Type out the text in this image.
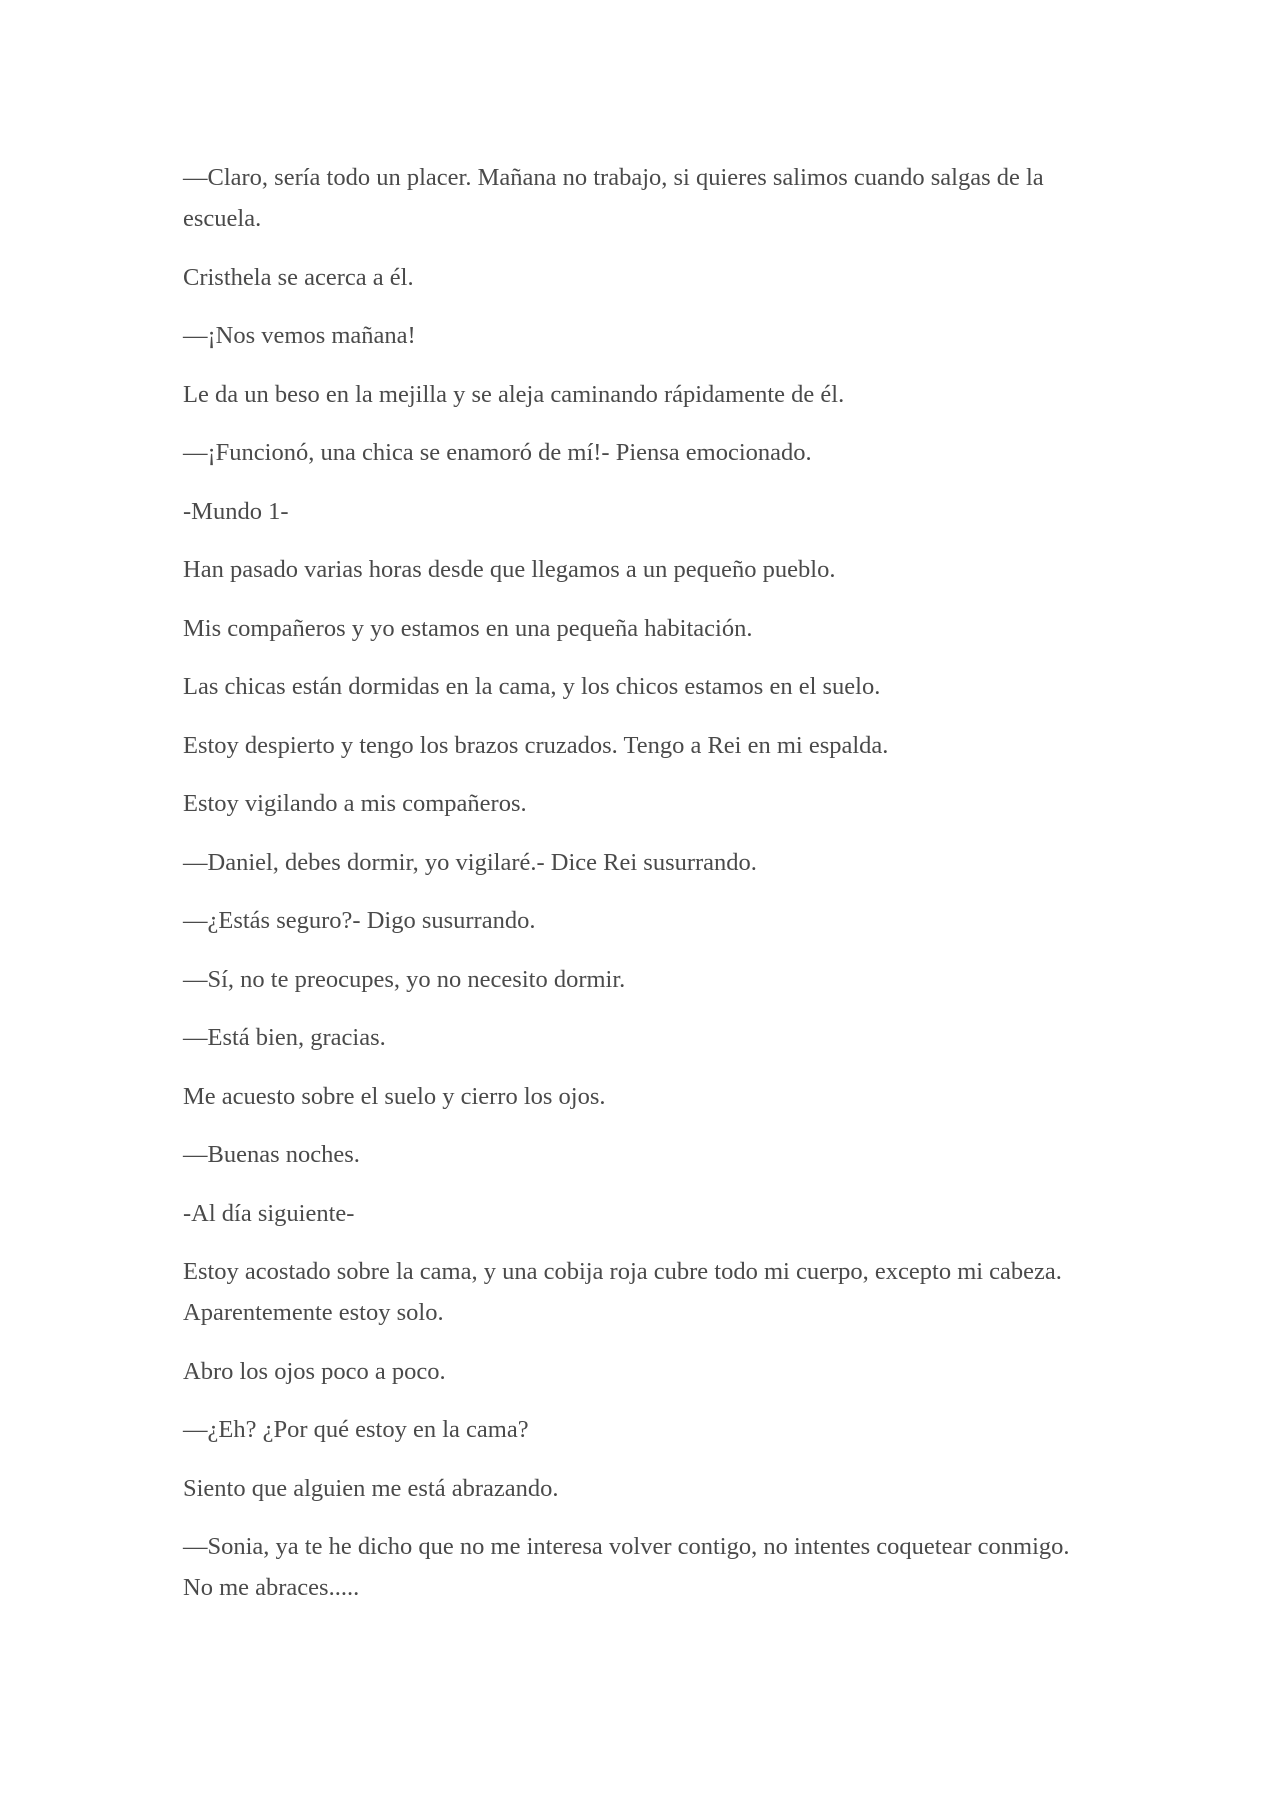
—Claro, sería todo un placer. Mañana no trabajo, si quieres salimos cuando salgas de la escuela.

Cristhela se acerca a él.

—¡Nos vemos mañana!

Le da un beso en la mejilla y se aleja caminando rápidamente de él.

—¡Funcionó, una chica se enamoró de mí!- Piensa emocionado.

-Mundo 1-

Han pasado varias horas desde que llegamos a un pequeño pueblo.

Mis compañeros y yo estamos en una pequeña habitación.

Las chicas están dormidas en la cama, y los chicos estamos en el suelo.

Estoy despierto y tengo los brazos cruzados. Tengo a Rei en mi espalda.

Estoy vigilando a mis compañeros.

—Daniel, debes dormir, yo vigilaré.- Dice Rei susurrando.

—¿Estás seguro?- Digo susurrando.

—Sí, no te preocupes, yo no necesito dormir.

—Está bien, gracias.

Me acuesto sobre el suelo y cierro los ojos.

—Buenas noches.

-Al día siguiente-

Estoy acostado sobre la cama, y una cobija roja cubre todo mi cuerpo, excepto mi cabeza. Aparentemente estoy solo.

Abro los ojos poco a poco.

—¿Eh? ¿Por qué estoy en la cama?

Siento que alguien me está abrazando.

—Sonia, ya te he dicho que no me interesa volver contigo, no intentes coquetear conmigo. No me abraces.....
